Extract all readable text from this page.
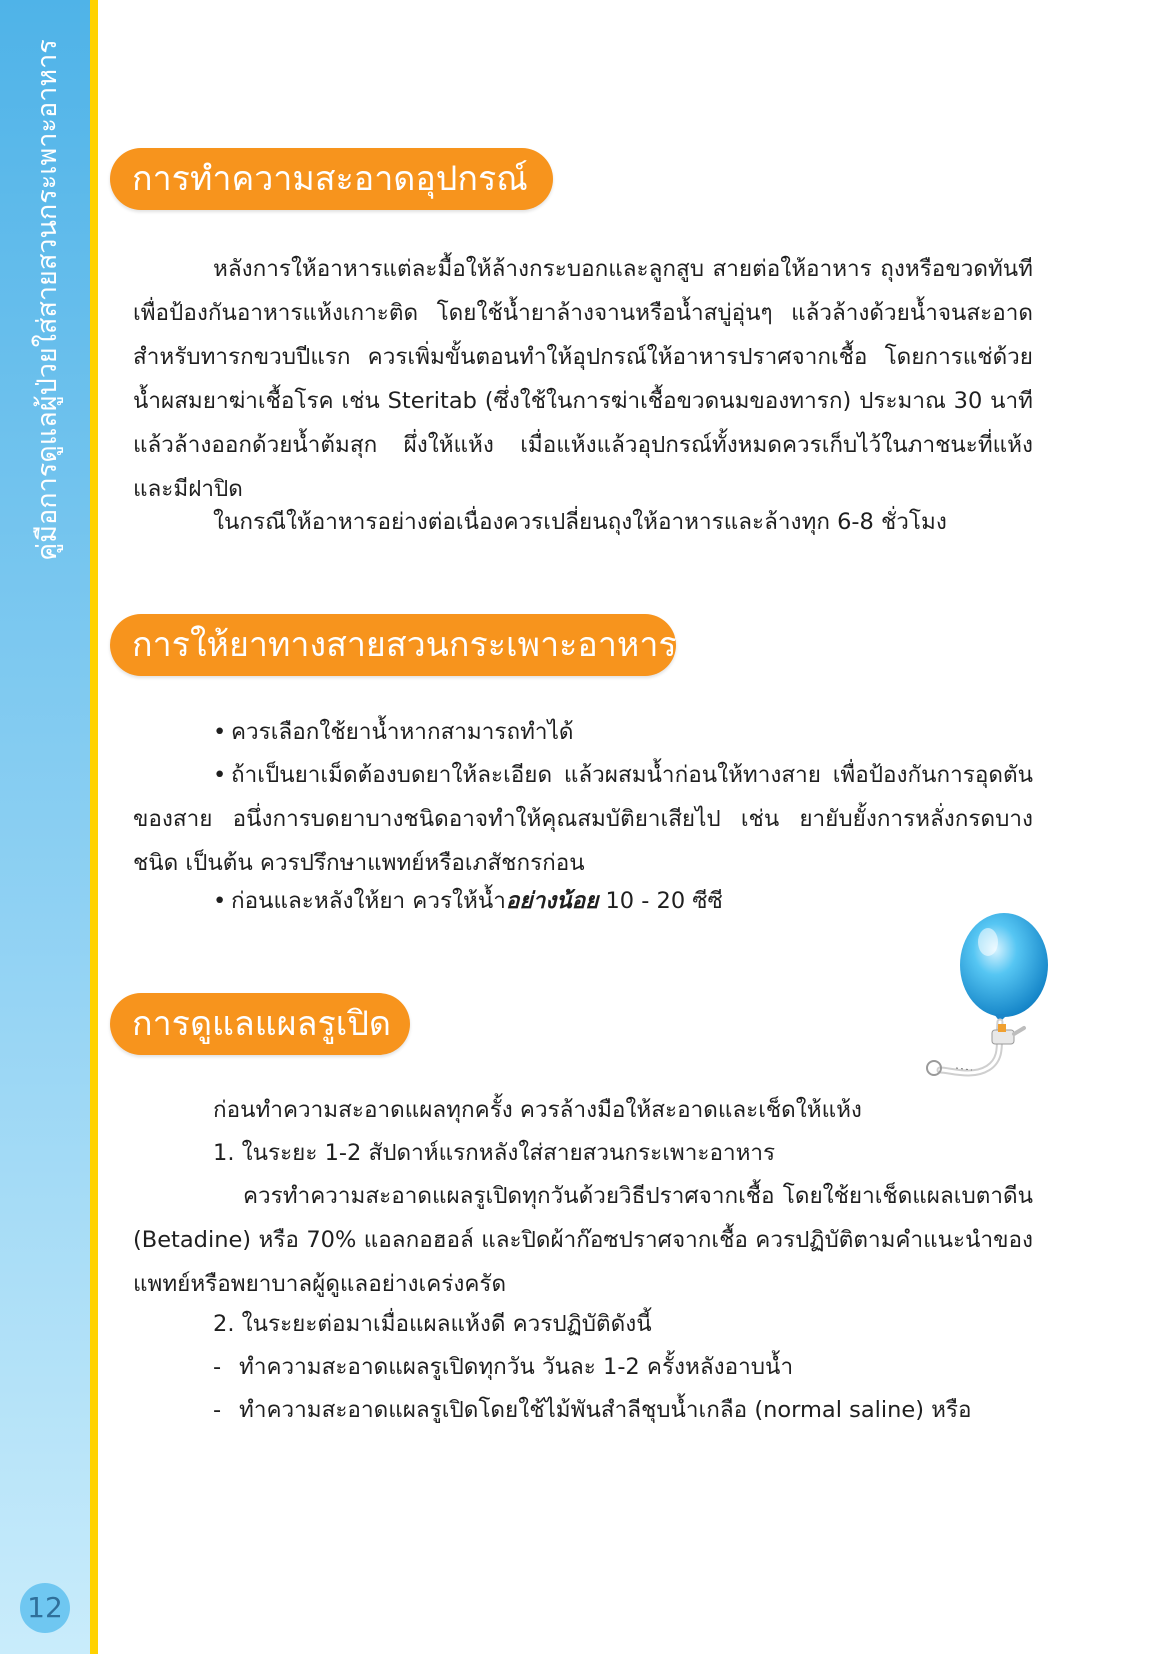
คู่มือการดูแลผู้ป่วยใส่สายสวนกระเพาะอาหาร
12
การทำความสะอาดอุปกรณ์

หลังการให้อาหารแต่ละมื้อให้ล้างกระบอกและลูกสูบ สายต่อให้อาหาร ถุงหรือขวดทันทีเพื่อป้องกันอาหารแห้งเกาะติด โดยใช้น้ำยาล้างจานหรือน้ำสบู่อุ่นๆ แล้วล้างด้วยน้ำจนสะอาด สำหรับทารกขวบปีแรก ควรเพิ่มขั้นตอนทำให้อุปกรณ์ให้อาหารปราศจากเชื้อ โดยการแช่ด้วยน้ำผสมยาฆ่าเชื้อโรค เช่น Steritab (ซึ่งใช้ในการฆ่าเชื้อขวดนมของทารก) ประมาณ 30 นาทีแล้วล้างออกด้วยน้ำต้มสุก ผึ่งให้แห้ง เมื่อแห้งแล้วอุปกรณ์ทั้งหมดควรเก็บไว้ในภาชนะที่แห้งและมีฝาปิด

ในกรณีให้อาหารอย่างต่อเนื่องควรเปลี่ยนถุงให้อาหารและล้างทุก 6-8 ชั่วโมง

การให้ยาทางสายสวนกระเพาะอาหาร

• ควรเลือกใช้ยาน้ำหากสามารถทำได้

• ถ้าเป็นยาเม็ดต้องบดยาให้ละเอียด แล้วผสมน้ำก่อนให้ทางสาย เพื่อป้องกันการอุดตันของสาย อนึ่งการบดยาบางชนิดอาจทำให้คุณสมบัติยาเสียไป เช่น ยายับยั้งการหลั่งกรดบางชนิด เป็นต้น ควรปรึกษาแพทย์หรือเภสัชกรก่อน

• ก่อนและหลังให้ยา ควรให้น้ำอย่างน้อย 10 - 20 ซีซี

การดูแลแผลรูเปิด

ก่อนทำความสะอาดแผลทุกครั้ง ควรล้างมือให้สะอาดและเช็ดให้แห้ง

1. ในระยะ 1-2 สัปดาห์แรกหลังใส่สายสวนกระเพาะอาหาร

ควรทำความสะอาดแผลรูเปิดทุกวันด้วยวิธีปราศจากเชื้อ โดยใช้ยาเช็ดแผลเบตาดีน (Betadine) หรือ 70% แอลกอฮอล์ และปิดผ้าก๊อซปราศจากเชื้อ ควรปฏิบัติตามคำแนะนำของแพทย์หรือพยาบาลผู้ดูแลอย่างเคร่งครัด

2. ในระยะต่อมาเมื่อแผลแห้งดี ควรปฏิบัติดังนี้

- ทำความสะอาดแผลรูเปิดทุกวัน วันละ 1-2 ครั้งหลังอาบน้ำ

- ทำความสะอาดแผลรูเปิดโดยใช้ไม้พันสำลีชุบน้ำเกลือ (normal saline) หรือ
